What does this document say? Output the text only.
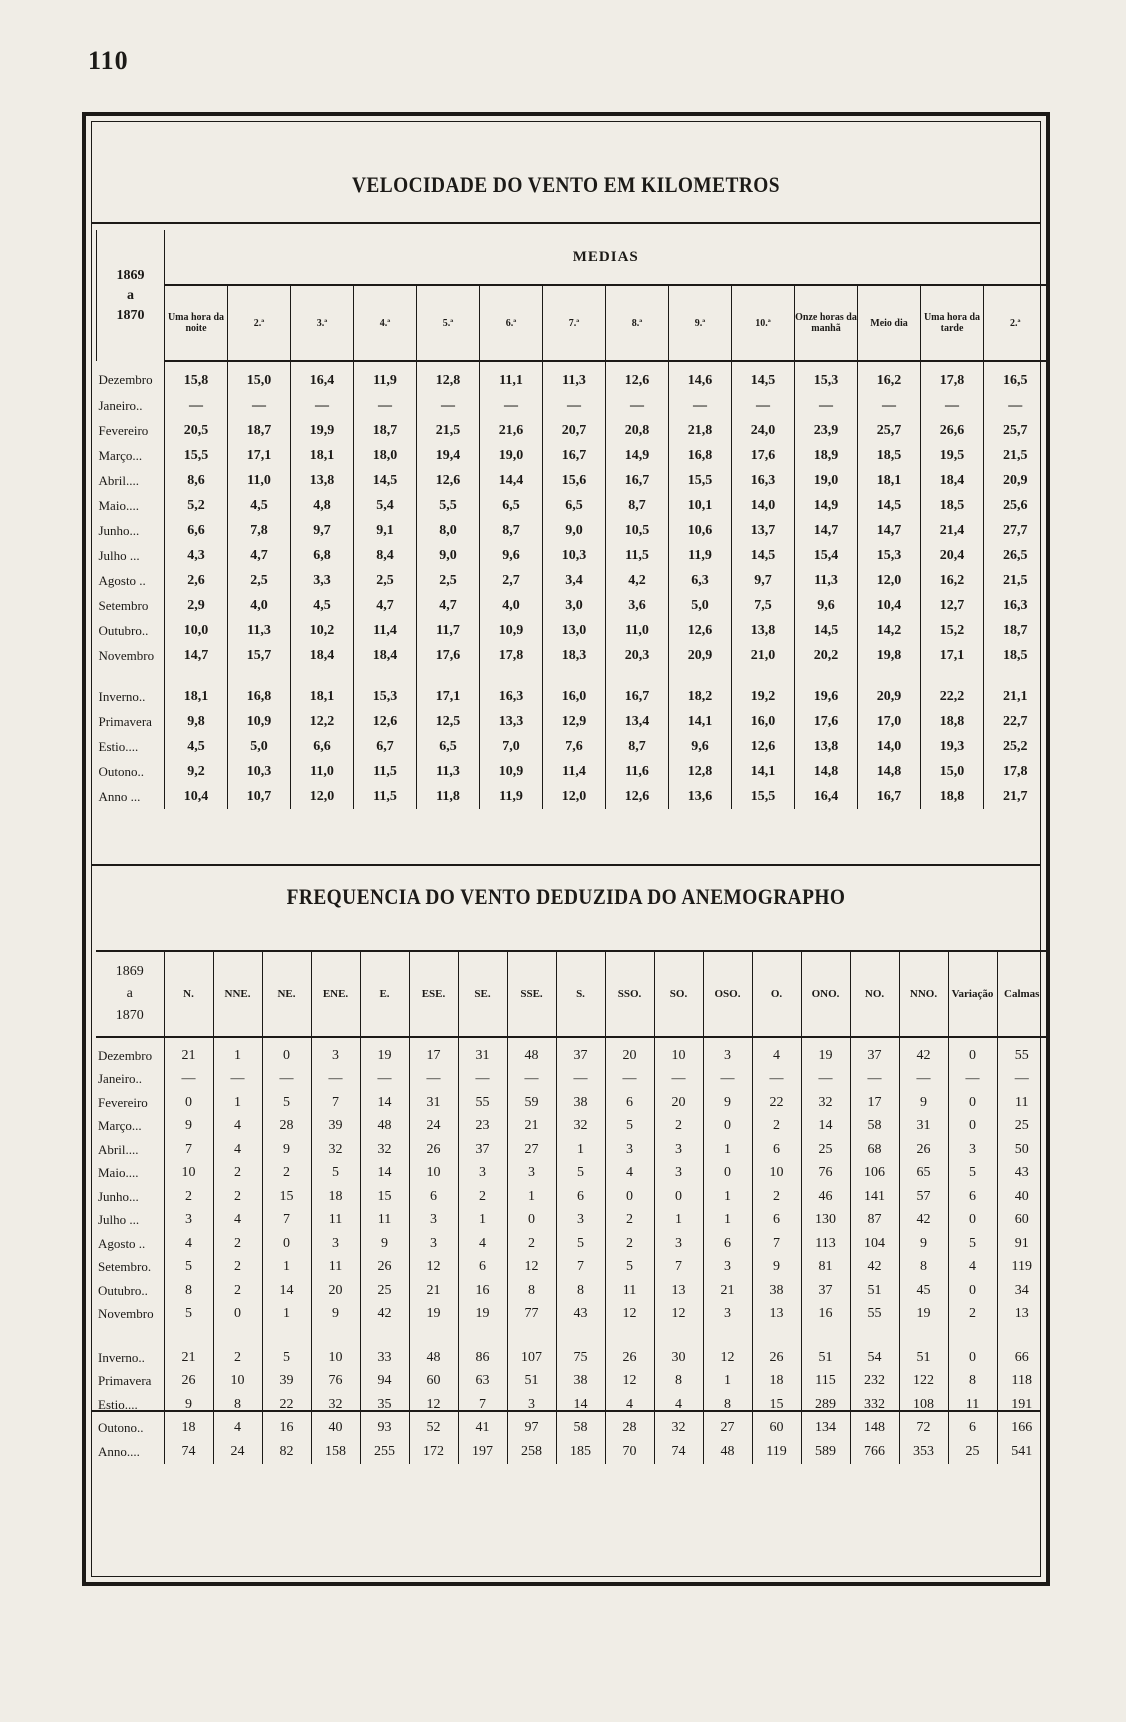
110
VELOCIDADE DO VENTO EM KILOMETROS
1869
a
1870	MEDIAS													
	Uma hora da noite	2.ª	3.ª	4.ª	5.ª	6.ª	7.ª	8.ª	9.ª	10.ª	Onze horas da manhã	Meio dia	Uma hora da tarde	2.ª
Dezembro	15,8	15,0	16,4	11,9	12,8	11,1	11,3	12,6	14,6	14,5	15,3	16,2	17,8	16,5
Janeiro..	—	—	—	—	—	—	—	—	—	—	—	—	—	—
Fevereiro	20,5	18,7	19,9	18,7	21,5	21,6	20,7	20,8	21,8	24,0	23,9	25,7	26,6	25,7
Março...	15,5	17,1	18,1	18,0	19,4	19,0	16,7	14,9	16,8	17,6	18,9	18,5	19,5	21,5
Abril....	8,6	11,0	13,8	14,5	12,6	14,4	15,6	16,7	15,5	16,3	19,0	18,1	18,4	20,9
Maio....	5,2	4,5	4,8	5,4	5,5	6,5	6,5	8,7	10,1	14,0	14,9	14,5	18,5	25,6
Junho...	6,6	7,8	9,7	9,1	8,0	8,7	9,0	10,5	10,6	13,7	14,7	14,7	21,4	27,7
Julho ...	4,3	4,7	6,8	8,4	9,0	9,6	10,3	11,5	11,9	14,5	15,4	15,3	20,4	26,5
Agosto ..	2,6	2,5	3,3	2,5	2,5	2,7	3,4	4,2	6,3	9,7	11,3	12,0	16,2	21,5
Setembro	2,9	4,0	4,5	4,7	4,7	4,0	3,0	3,6	5,0	7,5	9,6	10,4	12,7	16,3
Outubro..	10,0	11,3	10,2	11,4	11,7	10,9	13,0	11,0	12,6	13,8	14,5	14,2	15,2	18,7
Novembro	14,7	15,7	18,4	18,4	17,6	17,8	18,3	20,3	20,9	21,0	20,2	19,8	17,1	18,5

Inverno..	18,1	16,8	18,1	15,3	17,1	16,3	16,0	16,7	18,2	19,2	19,6	20,9	22,2	21,1
Primavera	9,8	10,9	12,2	12,6	12,5	13,3	12,9	13,4	14,1	16,0	17,6	17,0	18,8	22,7
Estio....	4,5	5,0	6,6	6,7	6,5	7,0	7,6	8,7	9,6	12,6	13,8	14,0	19,3	25,2
Outono..	9,2	10,3	11,0	11,5	11,3	10,9	11,4	11,6	12,8	14,1	14,8	14,8	15,0	17,8
Anno ...	10,4	10,7	12,0	11,5	11,8	11,9	12,0	12,6	13,6	15,5	16,4	16,7	18,8	21,7
FREQUENCIA DO VENTO DEDUZIDA DO ANEMOGRAPHO
1869
a
1870	N.	NNE.	NE.	ENE.	E.	ESE.	SE.	SSE.	S.	SSO.	SO.	OSO.	O.	ONO.	NO.	NNO.	Variação	Calmas
Dezembro	21	1	0	3	19	17	31	48	37	20	10	3	4	19	37	42	0	55
Janeiro..	—	—	—	—	—	—	—	—	—	—	—	—	—	—	—	—	—	—
Fevereiro	0	1	5	7	14	31	55	59	38	6	20	9	22	32	17	9	0	11
Março...	9	4	28	39	48	24	23	21	32	5	2	0	2	14	58	31	0	25
Abril....	7	4	9	32	32	26	37	27	1	3	3	1	6	25	68	26	3	50
Maio....	10	2	2	5	14	10	3	3	5	4	3	0	10	76	106	65	5	43
Junho...	2	2	15	18	15	6	2	1	6	0	0	1	2	46	141	57	6	40
Julho ...	3	4	7	11	11	3	1	0	3	2	1	1	6	130	87	42	0	60
Agosto ..	4	2	0	3	9	3	4	2	5	2	3	6	7	113	104	9	5	91
Setembro.	5	2	1	11	26	12	6	12	7	5	7	3	9	81	42	8	4	119
Outubro..	8	2	14	20	25	21	16	8	8	11	13	21	38	37	51	45	0	34
Novembro	5	0	1	9	42	19	19	77	43	12	12	3	13	16	55	19	2	13

Inverno..	21	2	5	10	33	48	86	107	75	26	30	12	26	51	54	51	0	66
Primavera	26	10	39	76	94	60	63	51	38	12	8	1	18	115	232	122	8	118
Estio....	9	8	22	32	35	12	7	3	14	4	4	8	15	289	332	108	11	191
Outono..	18	4	16	40	93	52	41	97	58	28	32	27	60	134	148	72	6	166
Anno....	74	24	82	158	255	172	197	258	185	70	74	48	119	589	766	353	25	541
